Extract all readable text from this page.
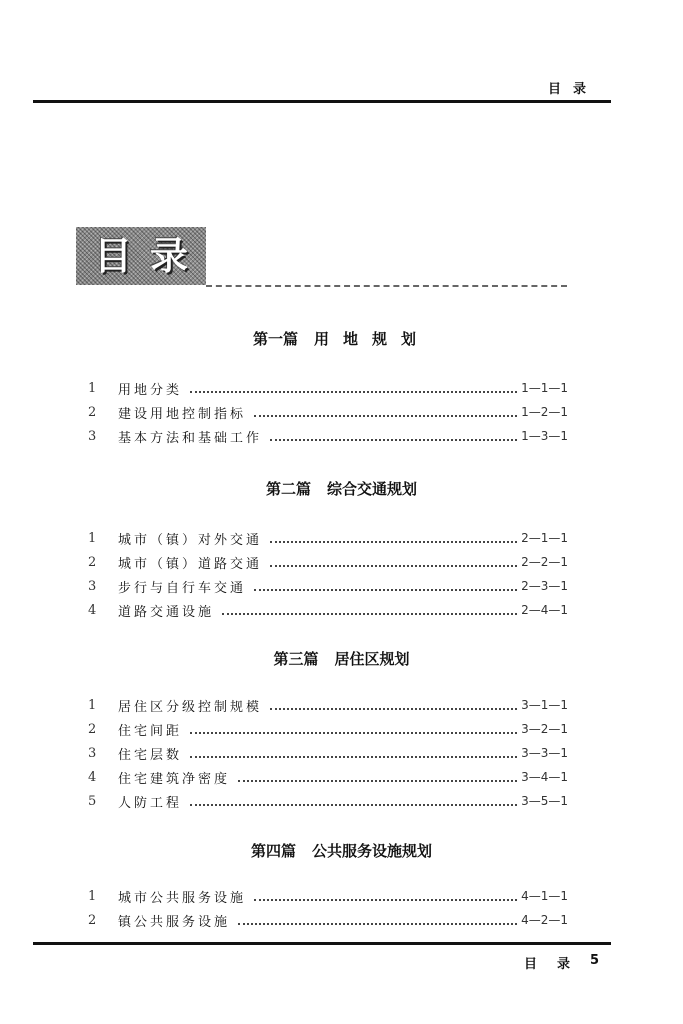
目录
目 录
第一篇 用地规划
1	用地分类	1—1—1
2	建设用地控制指标	1—2—1
3	基本方法和基础工作	1—3—1
第二篇 综合交通规划
1	城市（镇）对外交通	2—1—1
2	城市（镇）道路交通	2—2—1
3	步行与自行车交通	2—3—1
4	道路交通设施	2—4—1
第三篇 居住区规划
1	居住区分级控制规模	3—1—1
2	住宅间距	3—2—1
3	住宅层数	3—3—1
4	住宅建筑净密度	3—4—1
5	人防工程	3—5—1
第四篇 公共服务设施规划
1	城市公共服务设施	4—1—1
2	镇公共服务设施	4—2—1
目 录 5
